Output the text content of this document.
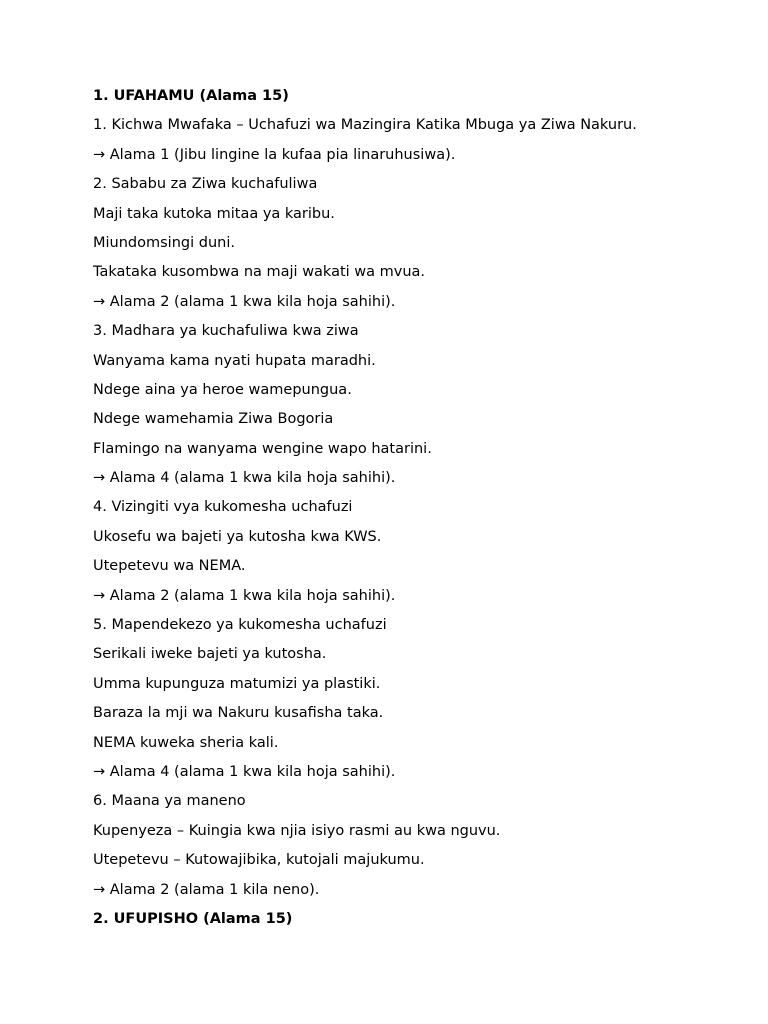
1. UFAHAMU (Alama 15)
1. Kichwa Mwafaka – Uchafuzi wa Mazingira Katika Mbuga ya Ziwa Nakuru.
→ Alama 1 (Jibu lingine la kufaa pia linaruhusiwa).
2. Sababu za Ziwa kuchafuliwa
Maji taka kutoka mitaa ya karibu.
Miundomsingi duni.
Takataka kusombwa na maji wakati wa mvua.
→ Alama 2 (alama 1 kwa kila hoja sahihi).
3. Madhara ya kuchafuliwa kwa ziwa
Wanyama kama nyati hupata maradhi.
Ndege aina ya heroe wamepungua.
Ndege wamehamia Ziwa Bogoria
Flamingo na wanyama wengine wapo hatarini.
→ Alama 4 (alama 1 kwa kila hoja sahihi).
4. Vizingiti vya kukomesha uchafuzi
Ukosefu wa bajeti ya kutosha kwa KWS.
Utepetevu wa NEMA.
→ Alama 2 (alama 1 kwa kila hoja sahihi).
5. Mapendekezo ya kukomesha uchafuzi
Serikali iweke bajeti ya kutosha.
Umma kupunguza matumizi ya plastiki.
Baraza la mji wa Nakuru kusafisha taka.
NEMA kuweka sheria kali.
→ Alama 4 (alama 1 kwa kila hoja sahihi).
6. Maana ya maneno
Kupenyeza – Kuingia kwa njia isiyo rasmi au kwa nguvu.
Utepetevu – Kutowajibika, kutojali majukumu.
→ Alama 2 (alama 1 kila neno).
2. UFUPISHO (Alama 15)
